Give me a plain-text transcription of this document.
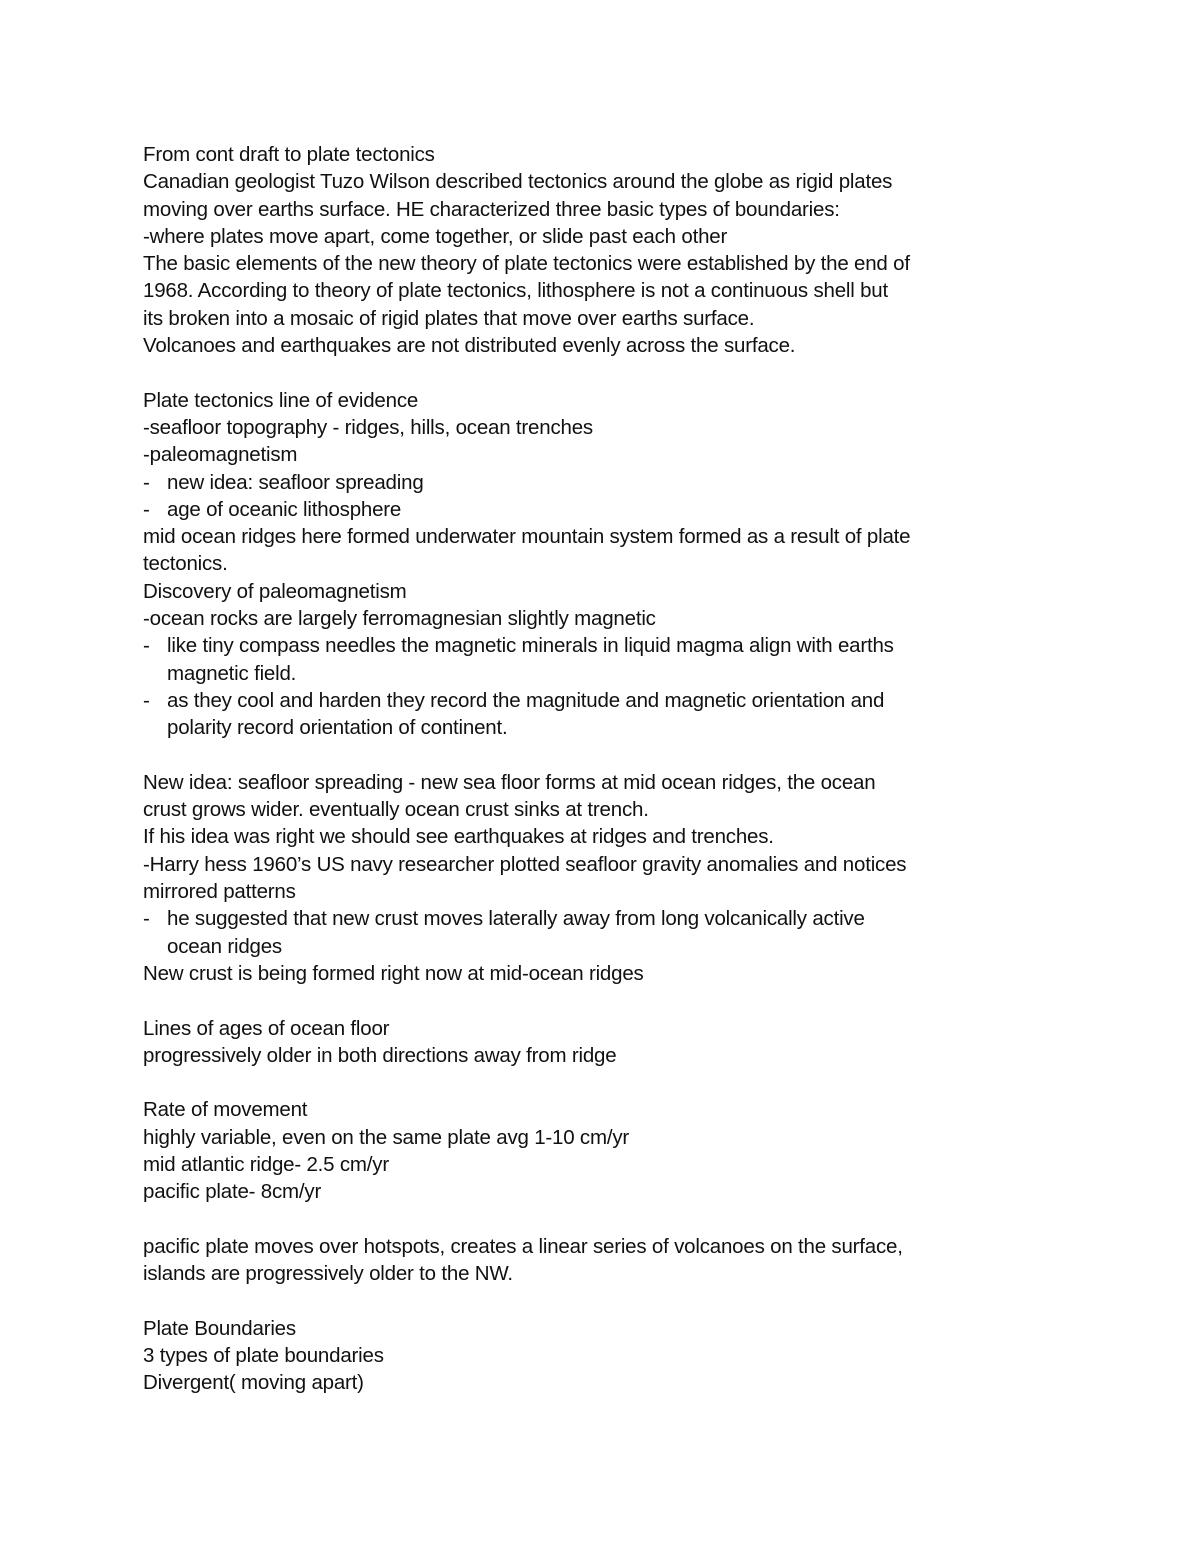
From cont draft to plate tectonics
Canadian geologist Tuzo Wilson described tectonics around the globe as rigid plates
moving over earths surface. HE characterized three basic types of boundaries:
-where plates move apart, come together, or slide past each other
The basic elements of the new theory of plate tectonics were established by the end of
1968. According to theory of plate tectonics, lithosphere is not a continuous shell but
its broken into a mosaic of rigid plates that move over earths surface.
Volcanoes and earthquakes are not distributed evenly across the surface.
Plate tectonics line of evidence
-seafloor topography - ridges, hills, ocean trenches
-paleomagnetism
- new idea: seafloor spreading
- age of oceanic lithosphere
mid ocean ridges here formed underwater mountain system formed as a result of plate
tectonics.
Discovery of paleomagnetism
-ocean rocks are largely ferromagnesian slightly magnetic
- like tiny compass needles the magnetic minerals in liquid magma align with earths
magnetic field.
- as they cool and harden they record the magnitude and magnetic orientation and
polarity record orientation of continent.
New idea: seafloor spreading - new sea floor forms at mid ocean ridges, the ocean
crust grows wider. eventually ocean crust sinks at trench.
If his idea was right we should see earthquakes at ridges and trenches.
-Harry hess 1960’s US navy researcher plotted seafloor gravity anomalies and notices
mirrored patterns
- he suggested that new crust moves laterally away from long volcanically active
ocean ridges
New crust is being formed right now at mid-ocean ridges
Lines of ages of ocean floor
progressively older in both directions away from ridge
Rate of movement
highly variable, even on the same plate avg 1-10 cm/yr
mid atlantic ridge- 2.5 cm/yr
pacific plate- 8cm/yr
pacific plate moves over hotspots, creates a linear series of volcanoes on the surface,
islands are progressively older to the NW.
Plate Boundaries
3 types of plate boundaries
Divergent( moving apart)
